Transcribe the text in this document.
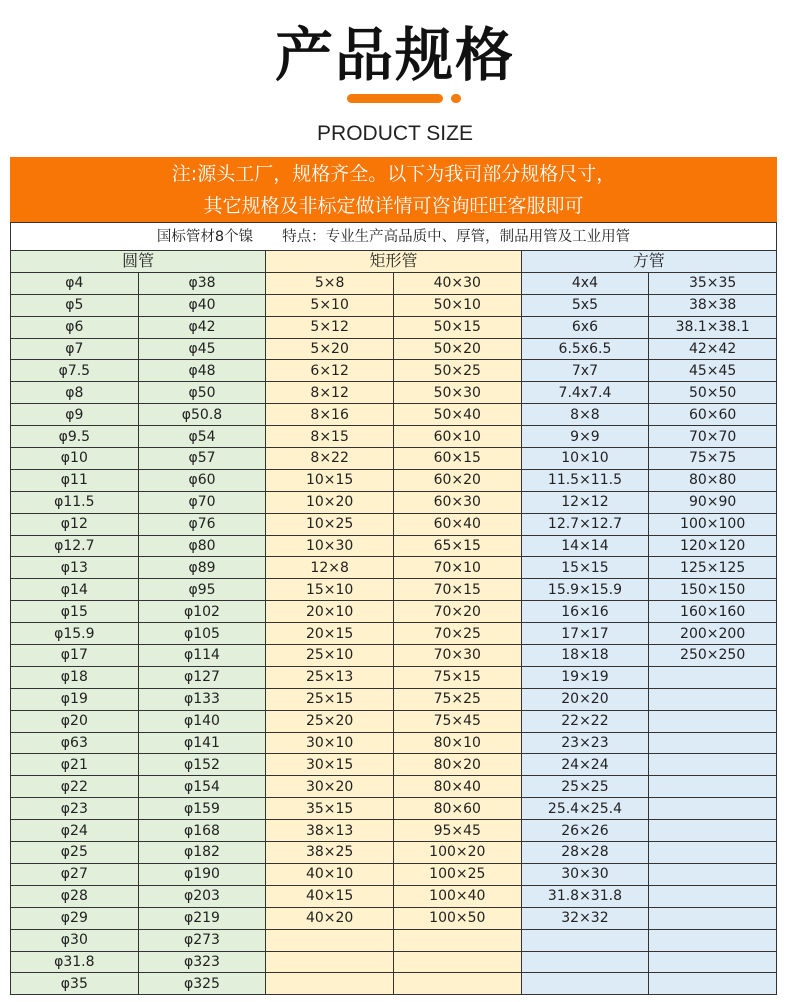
产品规格
PRODUCT SIZE
注:源头工厂，规格齐全。以下为我司部分规格尺寸，
其它规格及非标定做详情可咨询旺旺客服即可
国标管材8个镍　　特点：专业生产高品质中、厚管，制品用管及工业用管					
圆管		矩形管		方管	
φ4	φ38	5×8	40×30	4x4	35×35
φ5	φ40	5×10	50×10	5x5	38×38
φ6	φ42	5×12	50×15	6x6	38.1×38.1
φ7	φ45	5×20	50×20	6.5x6.5	42×42
φ7.5	φ48	6×12	50×25	7x7	45×45
φ8	φ50	8×12	50×30	7.4x7.4	50×50
φ9	φ50.8	8×16	50×40	8×8	60×60
φ9.5	φ54	8×15	60×10	9×9	70×70
φ10	φ57	8×22	60×15	10×10	75×75
φ11	φ60	10×15	60×20	11.5×11.5	80×80
φ11.5	φ70	10×20	60×30	12×12	90×90
φ12	φ76	10×25	60×40	12.7×12.7	100×100
φ12.7	φ80	10×30	65×15	14×14	120×120
φ13	φ89	12×8	70×10	15×15	125×125
φ14	φ95	15×10	70×15	15.9×15.9	150×150
φ15	φ102	20×10	70×20	16×16	160×160
φ15.9	φ105	20×15	70×25	17×17	200×200
φ17	φ114	25×10	70×30	18×18	250×250
φ18	φ127	25×13	75×15	19×19	
φ19	φ133	25×15	75×25	20×20	
φ20	φ140	25×20	75×45	22×22	
φ63	φ141	30×10	80×10	23×23	
φ21	φ152	30×15	80×20	24×24	
φ22	φ154	30×20	80×40	25×25	
φ23	φ159	35×15	80×60	25.4×25.4	
φ24	φ168	38×13	95×45	26×26	
φ25	φ182	38×25	100×20	28×28	
φ27	φ190	40×10	100×25	30×30	
φ28	φ203	40×15	100×40	31.8×31.8	
φ29	φ219	40×20	100×50	32×32	
φ30	φ273				
φ31.8	φ323				
φ35	φ325				
